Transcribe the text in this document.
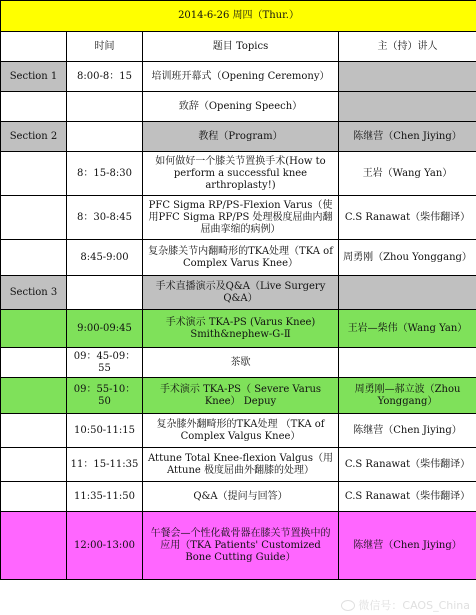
2014-6-26 周四（Thur.）			
	时间	题目 Topics	主（持）讲人
Section 1	8:00-8：15	培训班开幕式（Opening Ceremony）	
		致辞（Opening Speech）	
Section 2		教程（Program）	陈继营（Chen Jiying）
	8：15-8:30	如何做好一个膝关节置换手术(How to perform a successful knee arthroplasty!)	王岩（Wang Yan）
	8：30-8:45	PFC Sigma RP/PS-Flexion Varus（使用PFC Sigma RP/PS 处理极度屈曲内翻屈曲挛缩的病例）	C.S Ranawat（柴伟翻译）
	8:45-9:00	复杂膝关节内翻畸形的TKA处理（TKA of Complex Varus Knee）	周勇刚（Zhou Yonggang）
Section 3		手术直播演示及Q&A（Live Surgery Q&A）	
	9:00-09:45	手术演示 TKA-PS (Varus Knee) Smith&nephew-G-Ⅱ	王岩—柴伟（Wang Yan）
	09：45-09：55	茶歇	
	09：55-10：50	手术演示 TKA-PS（ Severe Varus Knee） Depuy	周勇刚—郝立波（Zhou Yonggang）
	10:50-11:15	复杂膝外翻畸形的TKA处理 （TKA of Complex Valgus Knee）	陈继营（Chen Jiying）
	11：15-11:35	Attune Total Knee-flexion Valgus（用Attune 极度屈曲外翻膝的处理）	C.S Ranawat（柴伟翻译）
	11:35-11:50	Q&A（提问与回答）	C.S Ranawat（柴伟翻译）
	12:00-13:00	午餐会—个性化截骨器在膝关节置换中的应用（TKA Patients' Customized Bone Cutting Guide）	陈继营（Chen Jiying）
微信号：CAOS_China
